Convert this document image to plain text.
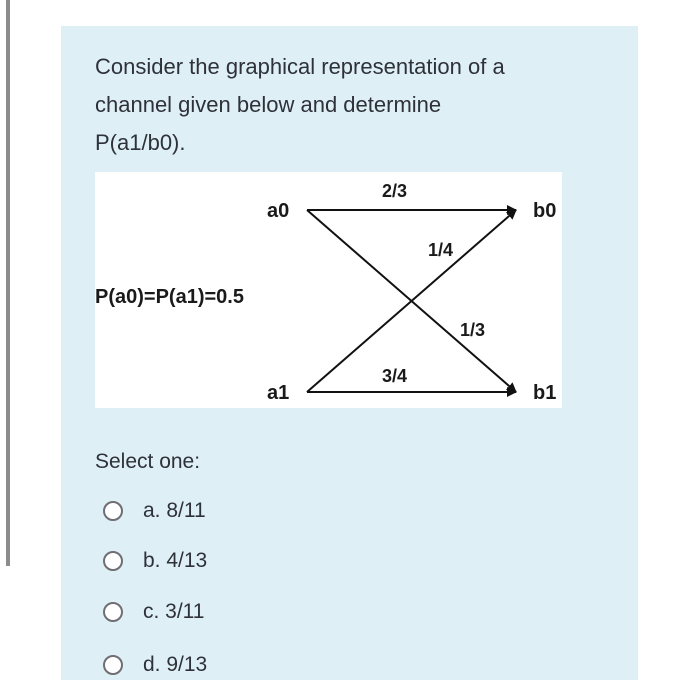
Consider the graphical representation of a
channel given below and determine
P(a1/b0).

a0
a1
b0
b1
P(a0)=P(a1)=0.5
2/3
1/4
1/3
3/4
Select one:
a. 8/11
b. 4/13
c. 3/11
d. 9/13
